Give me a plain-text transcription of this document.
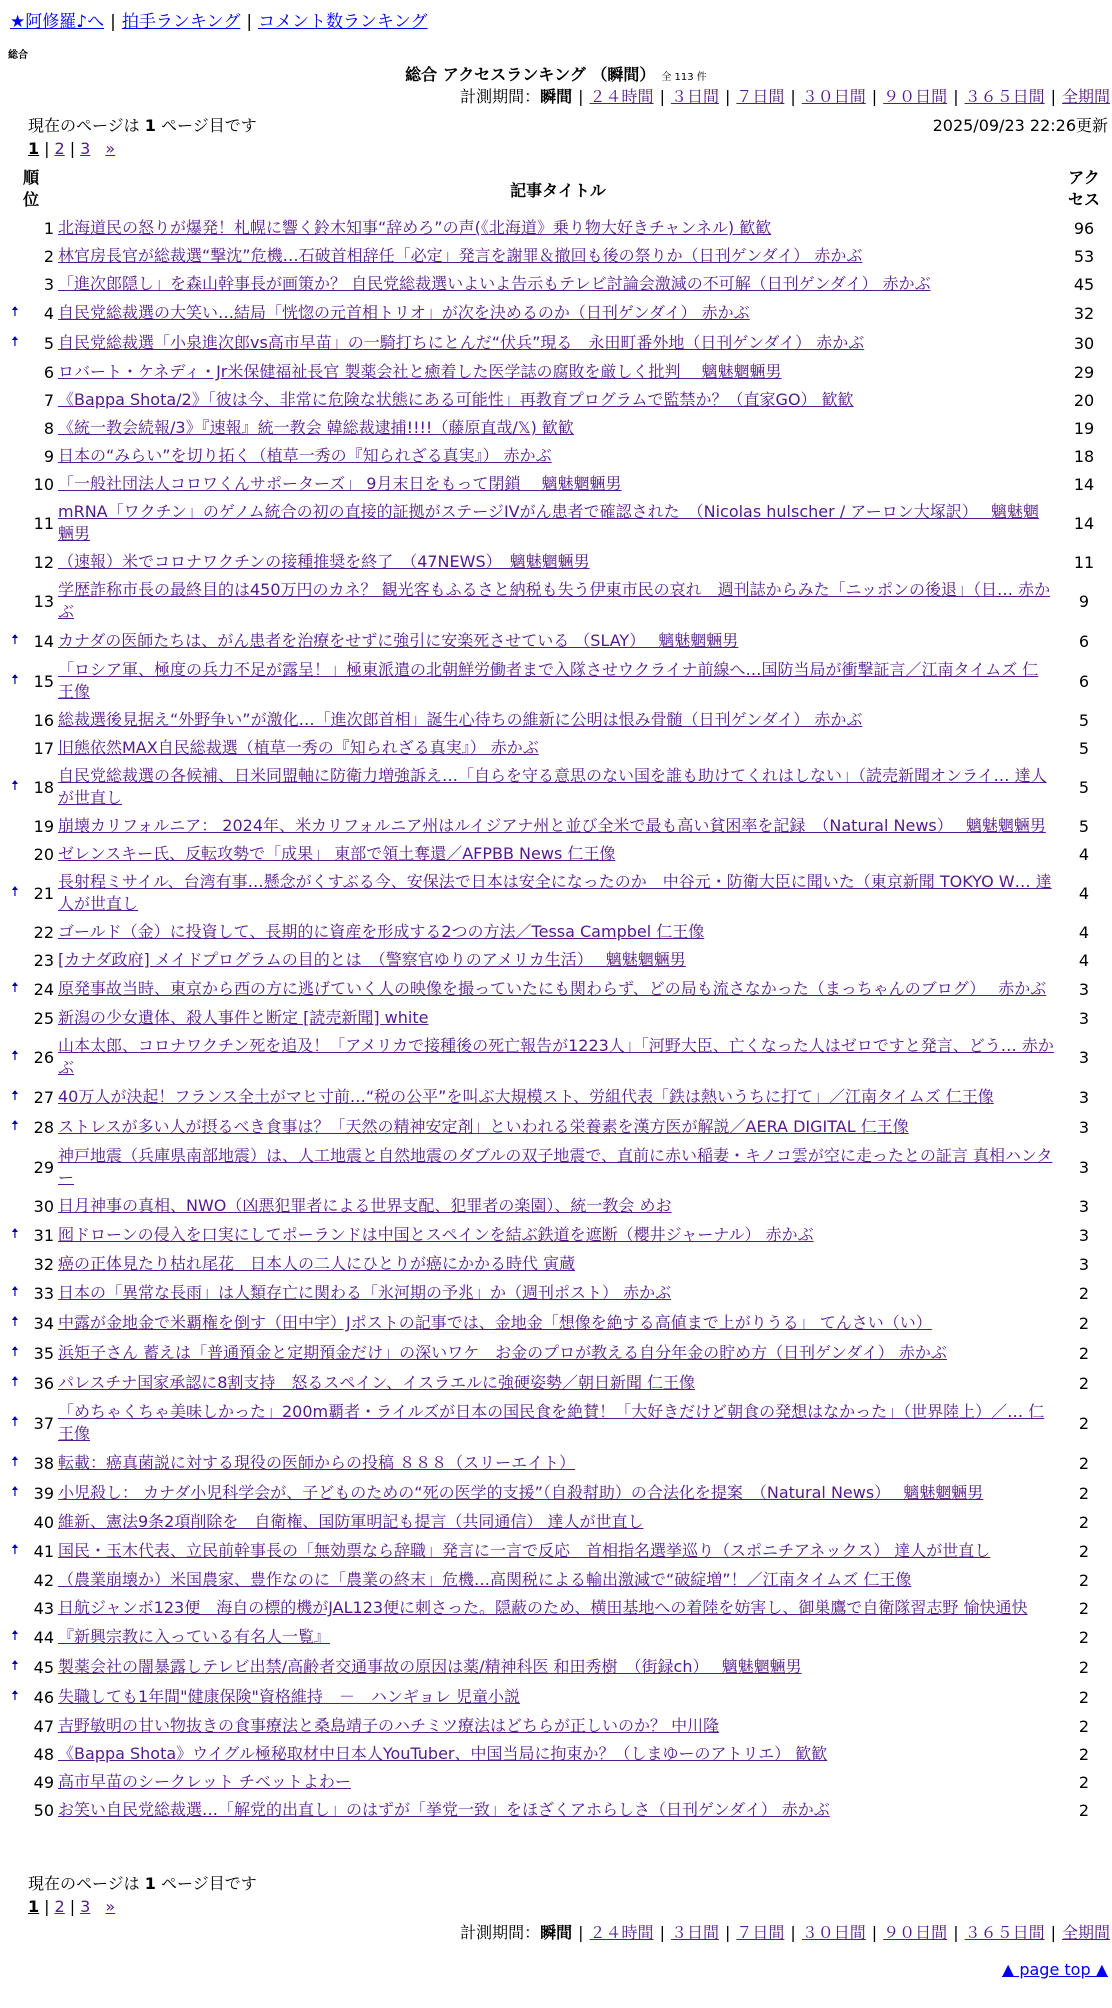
★阿修羅♪へ | 拍手ランキング | コメント数ランキング
総合
総合 アクセスランキング （瞬間） 全 113 件
計測期間：瞬間 | ２４時間 | ３日間 | ７日間 | ３０日間 | ９０日間 | ３６５日間 | 全期間
現在のページは 1 ページ目です	2025/09/23 22:26更新
1 | 2 | 3 »
順位		記事タイトル	アクセス
	1	北海道民の怒りが爆発！札幌に響く鈴木知事“辞めろ”の声(《北海道》乗り物大好きチャンネル) 歓歓	96
	2	林官房長官が総裁選“撃沈”危機…石破首相辞任「必定」発言を謝罪＆撤回も後の祭りか（日刊ゲンダイ） 赤かぶ	53
	3	「進次郎隠し」を森山幹事長が画策か？ 自民党総裁選いよいよ告示もテレビ討論会激減の不可解（日刊ゲンダイ） 赤かぶ	45
🠅	4	自民党総裁選の大笑い…結局「恍惚の元首相トリオ」が次を決めるのか（日刊ゲンダイ） 赤かぶ	32
🠅	5	自民党総裁選「小泉進次郎vs高市早苗」の一騎打ちにとんだ“伏兵”現る　永田町番外地（日刊ゲンダイ） 赤かぶ	30
	6	ロバート・ケネディ・Jr米保健福祉長官 製薬会社と癒着した医学誌の腐敗を厳しく批判　 魑魅魍魎男	29
	7	《Bappa Shota/2》「彼は今、非常に危険な状態にある可能性」再教育プログラムで監禁か？（直家GO） 歓歓	20
	8	《統一教会続報/3》『速報』統一教会 韓総裁逮捕!!!!（藤原直哉/𝕏) 歓歓	19
	9	日本の“みらい”を切り拓く（植草一秀の『知られざる真実』） 赤かぶ	18
	10	「一般社団法人コロワくんサポーターズ」 9月末日をもって閉鎖　 魑魅魍魎男	14
	11	mRNA「ワクチン」のゲノム統合の初の直接的証拠がステージIVがん患者で確認された　（Nicolas hulscher / アーロン大塚訳）　 魑魅魍魎男	14
	12	（速報）米でコロナワクチンの接種推奨を終了　（47NEWS）　魑魅魍魎男	11
	13	学歴詐称市長の最終目的は450万円のカネ？ 観光客もふるさと納税も失う伊東市民の哀れ　週刊誌からみた「ニッポンの後退」（日… 赤かぶ	9
🠅	14	カナダの医師たちは、がん患者を治療をせずに強引に安楽死させている （SLAY）　 魑魅魍魎男	6
🠅	15	「ロシア軍、極度の兵力不足が露呈！」極東派遣の北朝鮮労働者まで入隊させウクライナ前線へ…国防当局が衝撃証言／江南タイムズ 仁王像	6
	16	総裁選後見据え“外野争い”が激化…「進次郎首相」誕生心待ちの維新に公明は恨み骨髄（日刊ゲンダイ） 赤かぶ	5
	17	旧態依然MAX自民総裁選（植草一秀の『知られざる真実』） 赤かぶ	5
🠅	18	自民党総裁選の各候補、日米同盟軸に防衛力増強訴え…「自らを守る意思のない国を誰も助けてくれはしない」（読売新聞オンライ… 達人が世直し	5
	19	崩壊カリフォルニア： 2024年、米カリフォルニア州はルイジアナ州と並び全米で最も高い貧困率を記録　（Natural News）　 魑魅魍魎男	5
	20	ゼレンスキー氏、反転攻勢で「成果」 東部で領土奪還／AFPBB News 仁王像	4
🠅	21	長射程ミサイル、台湾有事…懸念がくすぶる今、安保法で日本は安全になったのか　中谷元・防衛大臣に聞いた（東京新聞 TOKYO W… 達人が世直し	4
	22	ゴールド（金）に投資して、長期的に資産を形成する2つの方法／Tessa Campbel 仁王像	4
	23	[カナダ政府] メイドプログラムの目的とは　（警察官ゆりのアメリカ生活）　 魑魅魍魎男	4
🠅	24	原発事故当時、東京から西の方に逃げていく人の映像を撮っていたにも関わらず、どの局も流さなかった（まっちゃんのブログ）　 赤かぶ	3
	25	新潟の少女遺体、殺人事件と断定 [読売新聞] white	3
🠅	26	山本太郎、コロナワクチン死を追及！「アメリカで接種後の死亡報告が1223人」「河野大臣、亡くなった人はゼロですと発言、どう… 赤かぶ	3
🠅	27	40万人が決起！フランス全土がマヒ寸前…“税の公平”を叫ぶ大規模スト、労組代表「鉄は熱いうちに打て」／江南タイムズ 仁王像	3
🠅	28	ストレスが多い人が摂るべき食事は？「天然の精神安定剤」といわれる栄養素を漢方医が解説／AERA DIGITAL 仁王像	3
	29	神戸地震（兵庫県南部地震）は、人工地震と自然地震のダブルの双子地震で、直前に赤い稲妻・キノコ雲が空に走ったとの証言 真相ハンター	3
	30	日月神事の真相、NWO（凶悪犯罪者による世界支配、犯罪者の楽園）、統一教会 めお	3
🠅	31	囮ドローンの侵入を口実にしてポーランドは中国とスペインを結ぶ鉄道を遮断（櫻井ジャーナル） 赤かぶ	3
	32	癌の正体見たり枯れ尾花　日本人の二人にひとりが癌にかかる時代 寅蔵	3
🠅	33	日本の「異常な長雨」は人類存亡に関わる「氷河期の予兆」か（週刊ポスト） 赤かぶ	2
🠅	34	中露が金地金で米覇権を倒す（田中宇）Jポストの記事では、金地金「想像を絶する高値まで上がりうる」 てんさい（い）	2
🠅	35	浜矩子さん 蓄えは「普通預金と定期預金だけ」の深いワケ　お金のプロが教える自分年金の貯め方（日刊ゲンダイ） 赤かぶ	2
🠅	36	パレスチナ国家承認に8割支持　怒るスペイン、イスラエルに強硬姿勢／朝日新聞 仁王像	2
🠅	37	「めちゃくちゃ美味しかった」200m覇者・ライルズが日本の国民食を絶賛！「大好きだけど朝食の発想はなかった」（世界陸上）／… 仁王像	2
🠅	38	転載：癌真菌説に対する現役の医師からの投稿 ８８８（スリーエイト）	2
🠅	39	小児殺し： カナダ小児科学会が、子どものための“死の医学的支援”（自殺幇助）の合法化を提案　（Natural News）　 魑魅魍魎男	2
	40	維新、憲法9条2項削除を　自衛権、国防軍明記も提言（共同通信） 達人が世直し	2
🠅	41	国民・玉木代表、立民前幹事長の「無効票なら辞職」発言に一言で反応　首相指名選挙巡り（スポニチアネックス） 達人が世直し	2
	42	（農業崩壊か）米国農家、豊作なのに「農業の終末」危機…高関税による輸出激減で“破綻増”！／江南タイムズ 仁王像	2
	43	日航ジャンボ123便　海自の標的機がJAL123便に刺さった。隠蔽のため、横田基地への着陸を妨害し、御巣鷹で自衛隊習志野 愉快通快	2
🠅	44	『新興宗教に入っている有名人一覧』	2
🠅	45	製薬会社の闇暴露しテレビ出禁/高齢者交通事故の原因は薬/精神科医 和田秀樹　（街録ch）　 魑魅魍魎男	2
🠅	46	失職しても1年間"健康保険"資格維持　－　ハンギョレ 児童小説	2
	47	吉野敏明の甘い物抜きの食事療法と桑島靖子のハチミツ療法はどちらが正しいのか？ 中川隆	2
	48	《Bappa Shota》ウイグル極秘取材中日本人YouTuber、中国当局に拘束か？（しまゆーのアトリエ） 歓歓	2
	49	高市早苗のシークレット チベットよわー	2
	50	お笑い自民党総裁選…「解党的出直し」のはずが「挙党一致」をほざくアホらしさ（日刊ゲンダイ） 赤かぶ	2
現在のページは 1 ページ目です
1 | 2 | 3 »
計測期間：瞬間 | ２４時間 | ３日間 | ７日間 | ３０日間 | ９０日間 | ３６５日間 | 全期間
▲ page top ▲
